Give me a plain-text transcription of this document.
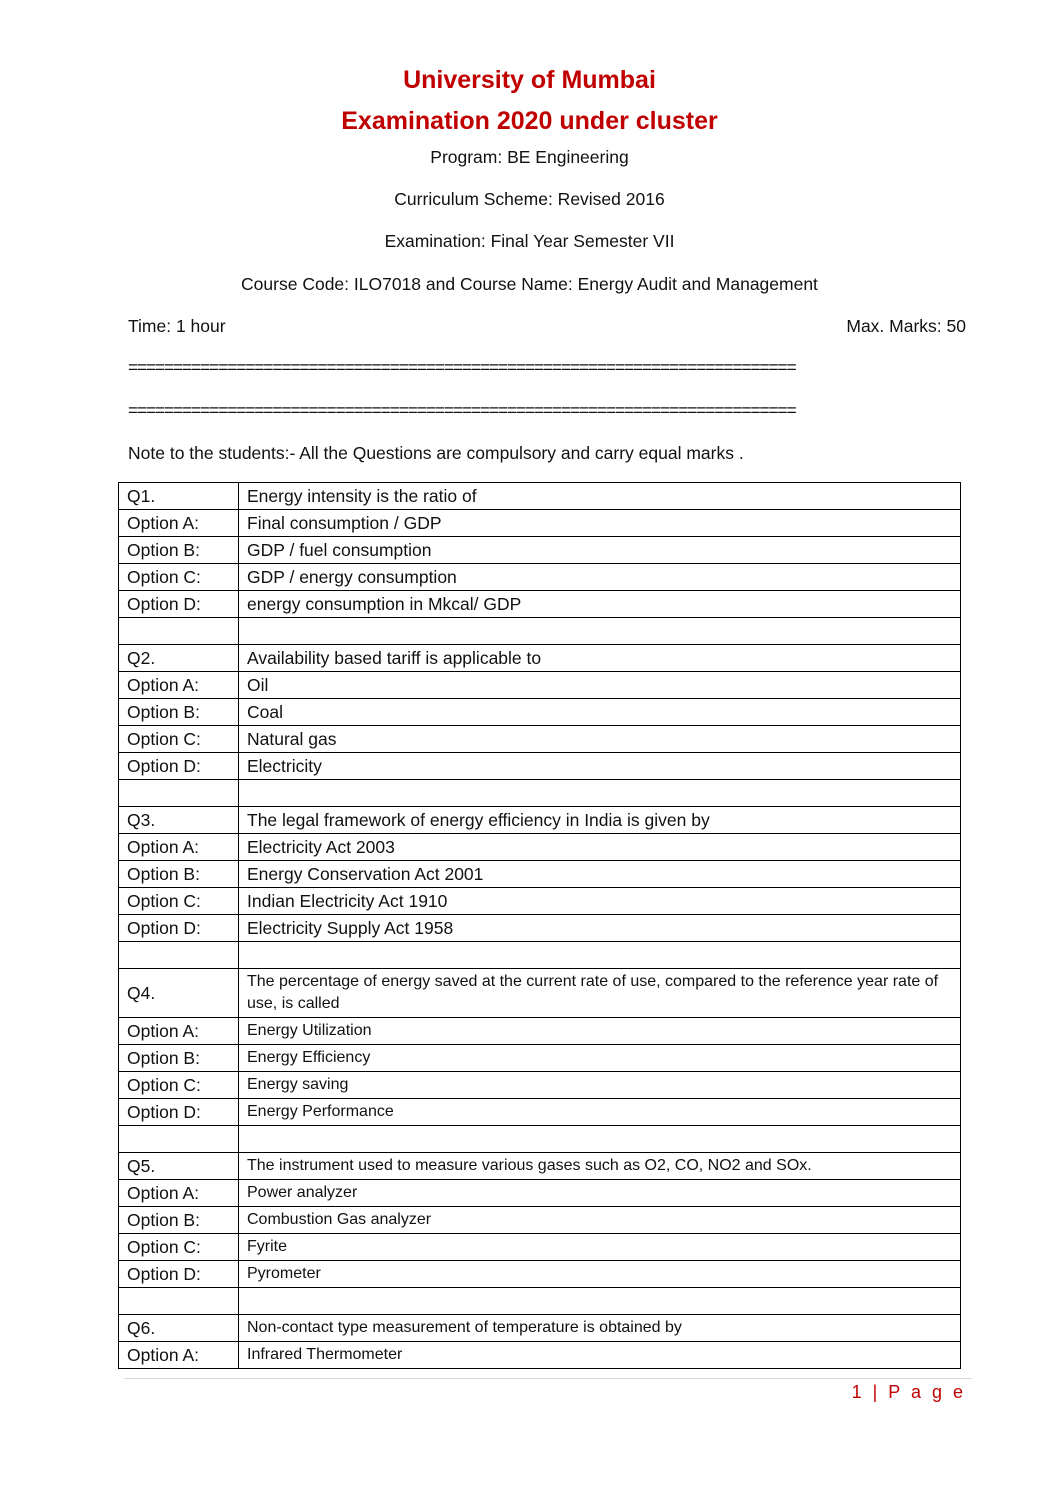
University of Mumbai
Examination 2020 under cluster

Program: BE Engineering

Curriculum Scheme: Revised 2016

Examination: Final Year Semester VII

Course Code: ILO7018 and Course Name: Energy Audit and Management

Time: 1 hour	Max. Marks: 50
==========================================================================
==========================================================================
Note to the students:- All the Questions are compulsory and carry equal marks .
Q1.	Energy intensity is the ratio of
Option A:	Final consumption / GDP
Option B:	GDP / fuel consumption
Option C:	GDP / energy consumption
Option D:	energy consumption in Mkcal/ GDP

Q2.	Availability based tariff is applicable to
Option A:	Oil
Option B:	Coal
Option C:	Natural gas
Option D:	Electricity

Q3.	The legal framework of energy efficiency in India is given by
Option A:	Electricity Act 2003
Option B:	Energy Conservation Act 2001
Option C:	Indian Electricity Act 1910
Option D:	Electricity Supply Act 1958

Q4.	The percentage of energy saved at the current rate of use, compared to the reference year rate of use, is called
Option A:	Energy Utilization
Option B:	Energy Efficiency
Option C:	Energy saving
Option D:	Energy Performance

Q5.	The instrument used to measure various gases such as O2, CO, NO2 and SOx.
Option A:	Power analyzer
Option B:	Combustion Gas analyzer
Option C:	Fyrite
Option D:	Pyrometer

Q6.	Non-contact type measurement of temperature is obtained by
Option A:	Infrared Thermometer
1 | P a g e
